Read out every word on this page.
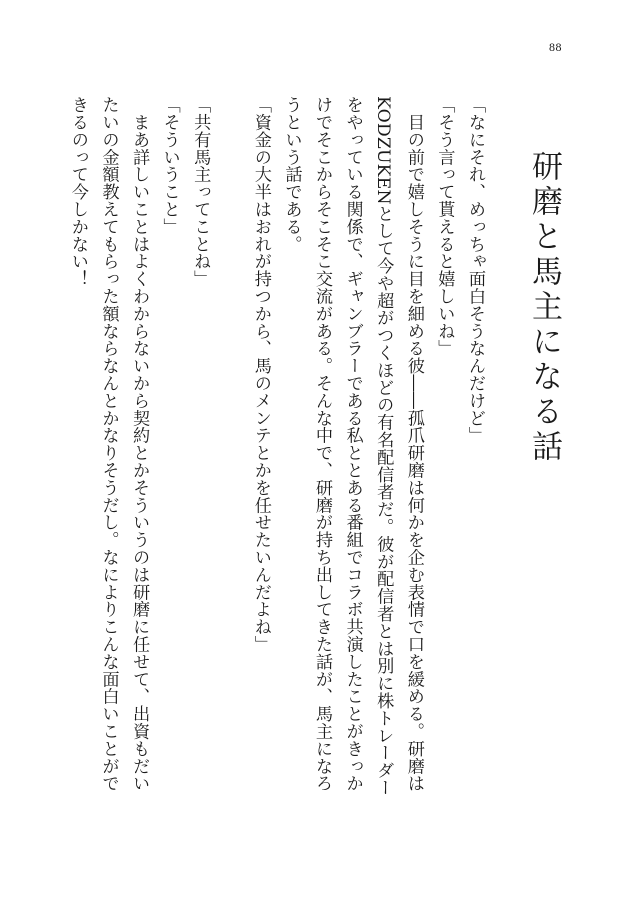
88
研磨と馬主になる話

「なにそれ、めっちゃ面白そうなんだけど」

「そう言って貰えると嬉しいね」

　目の前で嬉しそうに目を細める彼――孤爪研磨は何かを企む表情で口を緩める。研磨は

KODZUKENとして今や超がつくほどの有名配信者だ。彼が配信者とは別に株トレーダー

をやっている関係で、ギャンブラーである私ととある番組でコラボ共演したことがきっか

けでそこからそこそこ交流がある。そんな中で、研磨が持ち出してきた話が、馬主になろ

うという話である。

「資金の大半はおれが持つから、馬のメンテとかを任せたいんだよね」

「共有馬主ってことね」

「そういうこと」

　まあ詳しいことはよくわからないから契約とかそういうのは研磨に任せて、出資もだい

たいの金額教えてもらった額ならなんとかなりそうだし。なによりこんな面白いことがで

きるのって今しかない！
